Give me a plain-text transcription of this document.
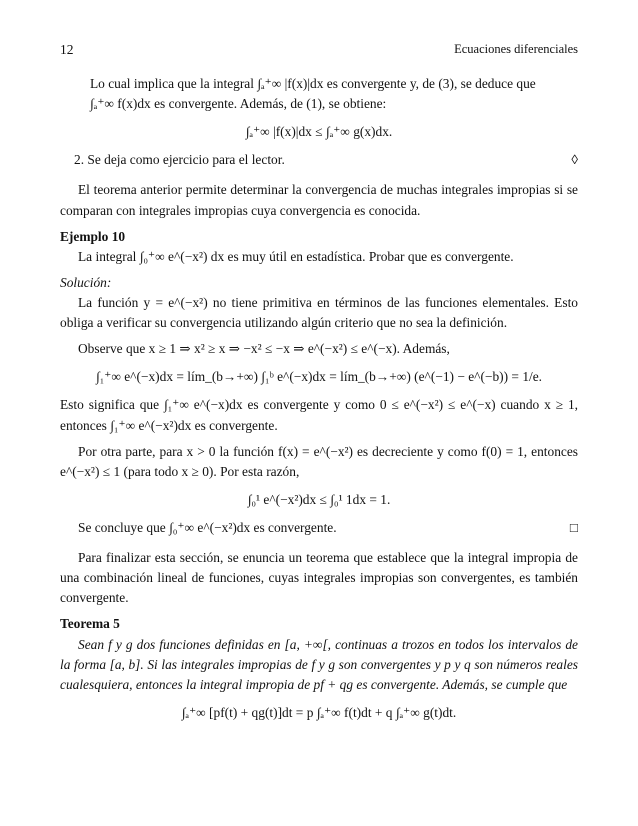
12	Ecuaciones diferenciales

Lo cual implica que la integral ∫ₐ⁺∞ |f(x)|dx es convergente y, de (3), se deduce que

∫ₐ⁺∞ f(x)dx es convergente. Además, de (1), se obtiene:

∫ₐ⁺∞ |f(x)|dx ≤ ∫ₐ⁺∞ g(x)dx.

2. Se deja como ejercicio para el lector.	◊

El teorema anterior permite determinar la convergencia de muchas integrales impropias si se comparan con integrales impropias cuya convergencia es conocida.

Ejemplo 10

La integral ∫₀⁺∞ e^(−x²) dx es muy útil en estadística. Probar que es convergente.

Solución:

La función y = e^(−x²) no tiene primitiva en términos de las funciones elementales. Esto obliga a verificar su convergencia utilizando algún criterio que no sea la definición.

Observe que x ≥ 1 ⇒ x² ≥ x ⇒ −x² ≤ −x ⇒ e^(−x²) ≤ e^(−x). Además,

∫₁⁺∞ e^(−x)dx = lím_(b→+∞) ∫₁ᵇ e^(−x)dx = lím_(b→+∞) (e^(−1) − e^(−b)) = 1/e.

Esto significa que ∫₁⁺∞ e^(−x)dx es convergente y como 0 ≤ e^(−x²) ≤ e^(−x) cuando x ≥ 1, entonces ∫₁⁺∞ e^(−x²)dx es convergente.

Por otra parte, para x > 0 la función f(x) = e^(−x²) es decreciente y como f(0) = 1, entonces e^(−x²) ≤ 1 (para todo x ≥ 0). Por esta razón,

∫₀¹ e^(−x²)dx ≤ ∫₀¹ 1dx = 1.

Se concluye que ∫₀⁺∞ e^(−x²)dx es convergente.	□

Para finalizar esta sección, se enuncia un teorema que establece que la integral impropia de una combinación lineal de funciones, cuyas integrales impropias son convergentes, es también convergente.

Teorema 5

Sean f y g dos funciones definidas en [a, +∞[, continuas a trozos en todos los intervalos de la forma [a, b]. Si las integrales impropias de f y g son convergentes y p y q son números reales cualesquiera, entonces la integral impropia de pf + qg es convergente. Además, se cumple que

∫ₐ⁺∞ [pf(t) + qg(t)]dt = p ∫ₐ⁺∞ f(t)dt + q ∫ₐ⁺∞ g(t)dt.
